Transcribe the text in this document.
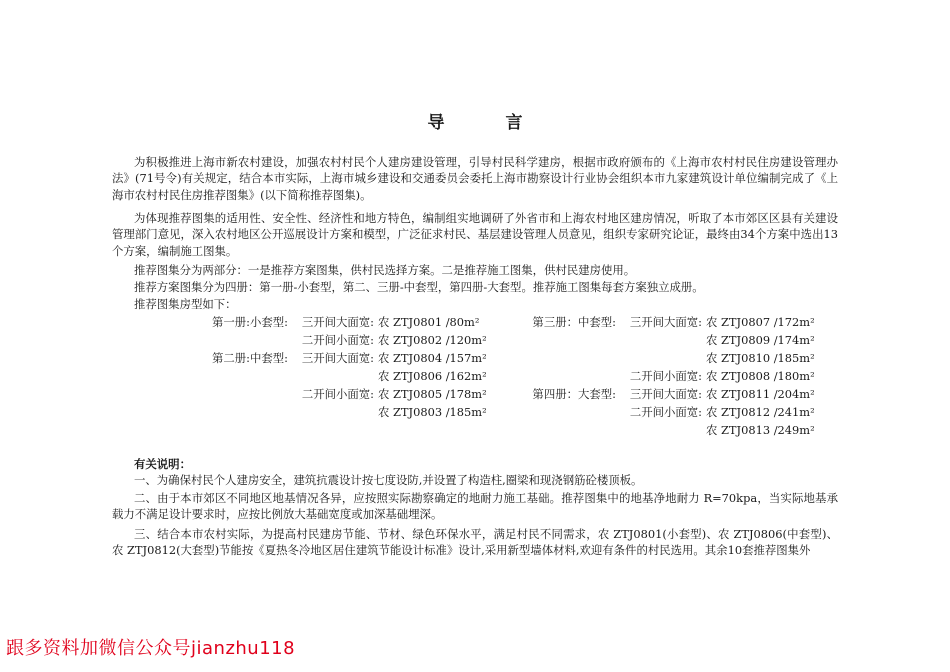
导　言

为积极推进上海市新农村建设，加强农村村民个人建房建设管理，引导村民科学建房，根据市政府颁布的《上海市农村村民住房建设管理办法》(71号令)有关规定，结合本市实际，上海市城乡建设和交通委员会委托上海市勘察设计行业协会组织本市九家建筑设计单位编制完成了《上海市农村村民住房推荐图集》(以下简称推荐图集)。

为体现推荐图集的适用性、安全性、经济性和地方特色，编制组实地调研了外省市和上海农村地区建房情况，听取了本市郊区区县有关建设管理部门意见，深入农村地区公开巡展设计方案和模型，广泛征求村民、基层建设管理人员意见，组织专家研究论证，最终由34个方案中选出13个方案，编制施工图集。

推荐图集分为两部分：一是推荐方案图集，供村民选择方案。二是推荐施工图集，供村民建房使用。

推荐方案图集分为四册：第一册-小套型，第二、三册-中套型，第四册-大套型。推荐施工图集每套方案独立成册。

推荐图集房型如下：

第一册:小套型: 三开间大面宽: 农 ZTJ0801 /80m²
二开间小面宽: 农 ZTJ0802 /120m²
第二册:中套型: 三开间大面宽: 农 ZTJ0804 /157m²
农 ZTJ0806 /162m²
二开间小面宽: 农 ZTJ0805 /178m²
农 ZTJ0803 /185m²
第三册：中套型: 三开间大面宽: 农 ZTJ0807 /172m²
农 ZTJ0809 /174m²
农 ZTJ0810 /185m²
二开间小面宽: 农 ZTJ0808 /180m²
第四册：大套型: 三开间大面宽: 农 ZTJ0811 /204m²
二开间小面宽: 农 ZTJ0812 /241m²
农 ZTJ0813 /249m²
有关说明：

一、为确保村民个人建房安全，建筑抗震设计按七度设防,并设置了构造柱,圈梁和现浇钢筋砼楼顶板。

二、由于本市郊区不同地区地基情况各异，应按照实际勘察确定的地耐力施工基础。推荐图集中的地基净地耐力 R=70kpa，当实际地基承载力不满足设计要求时，应按比例放大基础宽度或加深基础埋深。

三、结合本市农村实际，为提高村民建房节能、节材、绿色环保水平，满足村民不同需求，农 ZTJ0801(小套型)、农 ZTJ0806(中套型)、农 ZTJ0812(大套型)节能按《夏热冬冷地区居住建筑节能设计标准》设计,采用新型墙体材料,欢迎有条件的村民选用。其余10套推荐图集外

跟多资料加微信公众号jianzhu118
